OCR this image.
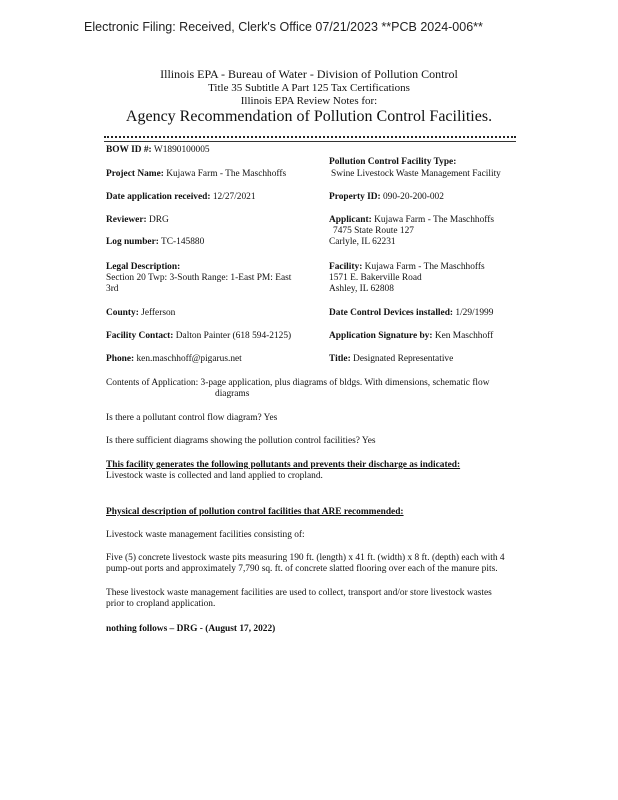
Electronic Filing: Received, Clerk's Office 07/21/2023 **PCB 2024-006**
Illinois EPA - Bureau of Water - Division of Pollution Control
Title 35 Subtitle A Part 125 Tax Certifications
Illinois EPA Review Notes for:
Agency Recommendation of Pollution Control Facilities.
BOW ID #: W1890100005
Pollution Control Facility Type:
Swine Livestock Waste Management Facility
Project Name: Kujawa Farm - The Maschhoffs
Date application received: 12/27/2021	Property ID: 090-20-200-002
Reviewer: DRG	Applicant: Kujawa Farm - The Maschhoffs
7475 State Route 127
Carlyle, IL 62231
Log number: TC-145880
Legal Description:
Section 20 Twp: 3-South Range: 1-East PM: East
3rd
Facility: Kujawa Farm - The Maschhoffs
1571 E. Bakerville Road
Ashley, IL 62808
County: Jefferson	Date Control Devices installed: 1/29/1999
Facility Contact: Dalton Painter (618 594-2125)	Application Signature by: Ken Maschhoff
Phone: ken.maschhoff@pigarus.net	Title: Designated Representative
Contents of Application: 3-page application, plus diagrams of bldgs. With dimensions, schematic flow
diagrams
Is there a pollutant control flow diagram? Yes
Is there sufficient diagrams showing the pollution control facilities? Yes
This facility generates the following pollutants and prevents their discharge as indicated:
Livestock waste is collected and land applied to cropland.
Physical description of pollution control facilities that ARE recommended:
Livestock waste management facilities consisting of:
Five (5) concrete livestock waste pits measuring 190 ft. (length) x 41 ft. (width) x 8 ft. (depth) each with 4
pump-out ports and approximately 7,790 sq. ft. of concrete slatted flooring over each of the manure pits.
These livestock waste management facilities are used to collect, transport and/or store livestock wastes
prior to cropland application.
nothing follows – DRG - (August 17, 2022)
